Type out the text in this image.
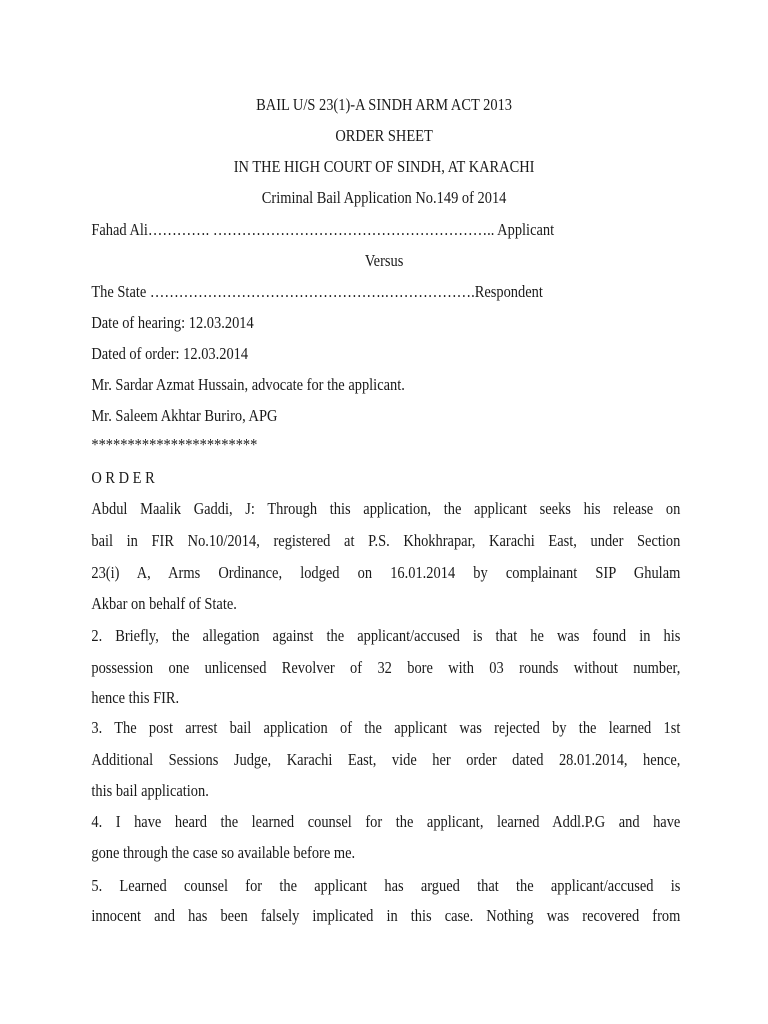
BAIL U/S 23(1)-A SINDH ARM ACT 2013
ORDER SHEET
IN THE HIGH COURT OF SINDH, AT KARACHI
Criminal Bail Application No.149 of 2014
Fahad Ali…………. ………………………………………………….. Applicant
Versus
The State ………………………………………….……………….Respondent
Date of hearing: 12.03.2014
Dated of order: 12.03.2014
Mr. Sardar Azmat Hussain, advocate for the applicant.
Mr. Saleem Akhtar Buriro, APG
***********************
O R D E R
Abdul Maalik Gaddi, J: Through this application, the applicant seeks his release on
bail in FIR No.10/2014, registered at P.S. Khokhrapar, Karachi East, under Section
23(i) A, Arms Ordinance, lodged on 16.01.2014 by complainant SIP Ghulam
Akbar on behalf of State.
2. Briefly, the allegation against the applicant/accused is that he was found in his
possession one unlicensed Revolver of 32 bore with 03 rounds without number,
hence this FIR.
3. The post arrest bail application of the applicant was rejected by the learned 1st
Additional Sessions Judge, Karachi East, vide her order dated 28.01.2014, hence,
this bail application.
4. I have heard the learned counsel for the applicant, learned Addl.P.G and have
gone through the case so available before me.
5. Learned counsel for the applicant has argued that the applicant/accused is
innocent and has been falsely implicated in this case. Nothing was recovered from
